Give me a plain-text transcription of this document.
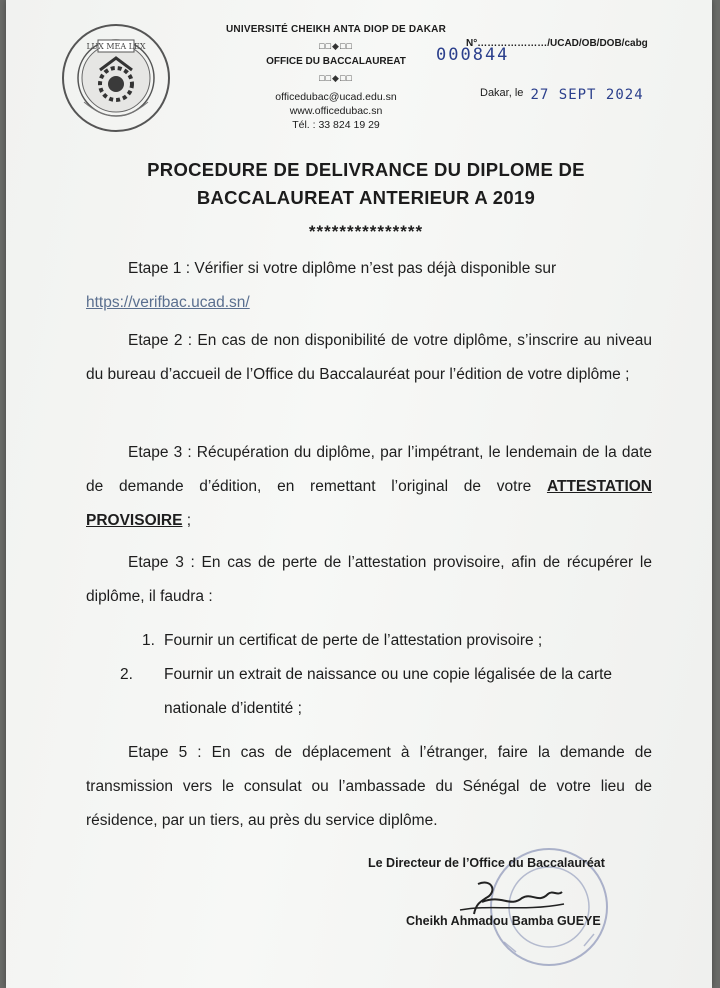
LUX MEA LEX
UNIVERSITÉ CHEIKH ANTA DIOP DE DAKAR
□□◆□□
OFFICE DU BACCALAUREAT
□□◆□□
officedubac@ucad.edu.sn
www.officedubac.sn
Tél. : 33 824 19 29
N°…………………/UCAD/OB/DOB/cabg
000844
Dakar, le 27 SEPT 2024
PROCEDURE DE DELIVRANCE DU DIPLOME DE
BACCALAUREAT ANTERIEUR A 2019
***************
Etape 1 : Vérifier si votre diplôme n’est pas déjà disponible sur
https://verifbac.ucad.sn/
Etape 2 : En cas de non disponibilité de votre diplôme, s’inscrire au niveau du bureau d’accueil de l’Office du Baccalauréat pour l’édition de votre diplôme ;
Etape 3 : Récupération du diplôme, par l’impétrant, le lendemain de la date de demande d’édition, en remettant l’original de votre ATTESTATION PROVISOIRE ;
Etape 3 : En cas de perte de l’attestation provisoire, afin de récupérer le diplôme, il faudra :
1. Fournir un certificat de perte de l’attestation provisoire ;
2. Fournir un extrait de naissance ou une copie légalisée de la carte nationale d’identité ;
Etape 5 : En cas de déplacement à l’étranger, faire la demande de transmission vers le consulat ou l’ambassade du Sénégal de votre lieu de résidence, par un tiers, au près du service diplôme.
Le Directeur de l’Office du Baccalauréat
Cheikh Ahmadou Bamba GUEYE
